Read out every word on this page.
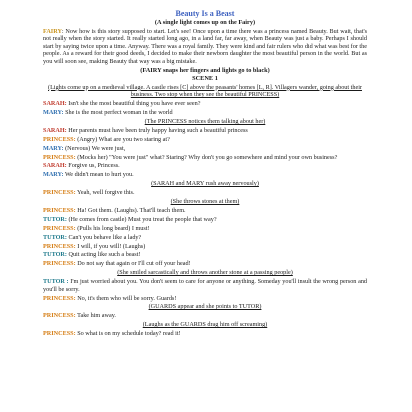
Beauty Is a Beast

(A single light comes up on the Fairy)

FAIRY: Now how is this story supposed to start. Let's see! Once upon a time there was a princess named Beauty. But wait, that's not really when the story started. It really started long ago, in a land far, far away, when Beauty was just a baby. Perhaps I should start by saying twice upon a time. Anyway. There was a royal family. They were kind and fair rulers who did what was best for the people. As a reward for their good deeds, I decided to make their newborn daughter the most beautiful person in the world. But as you will soon see, making Beauty that way was a big mistake.

(FAIRY snaps her fingers and lights go to black)

SCENE 1

(Lights come up on a medieval village. A castle rises [C] above the peasants' homes [L, R]. Villagers wander, going about their business. Two stop when they see the beautiful PRINCESS)

SARAH: Isn't she the most beautiful thing you have ever seen?

MARY: She is the most perfect woman in the world

(The PRINCESS notices them talking about her)

SARAH: Her parents must have been truly happy having such a beautiful princess

PRINCESS: (Angry) What are you two staring at?

MARY: (Nervous) We were just,

PRINCESS: (Mocks her) "You were just" what? Staring? Why don't you go somewhere and mind your own business?

SARAH: Forgive us, Princess.

MARY: We didn't mean to hurt you.

(SARAH and MARY rush away nervously)

PRINCESS: Yeah, well forgive this.

(She throws stones at them)

PRINCESS: Ha! Got them. (Laughs). That'll teach them.

TUTOR: (He comes from castle) Must you treat the people that way?

PRINCESS: (Pulls his long beard) I must!

TUTOR: Can't you behave like a lady?

PRINCESS: I will, if you will! (Laughs)

TUTOR: Quit acting like such a beast!

PRINCESS: Do not say that again or I'll cut off your head!

(She smiled sarcastically and throws another stone at a passing people)

TUTOR : I'm just worried about you. You don't seem to care for anyone or anything. Someday you'll insult the wrong person and you'll be sorry.

PRINCESS: No, it's them who will be sorry. Guards!

(GUARDS appear and she points to TUTOR)

PRINCESS: Take him away.

(Laughs as the GUARDS drag him off screaming)

PRINCESS: So what is on my schedule today? read it!
